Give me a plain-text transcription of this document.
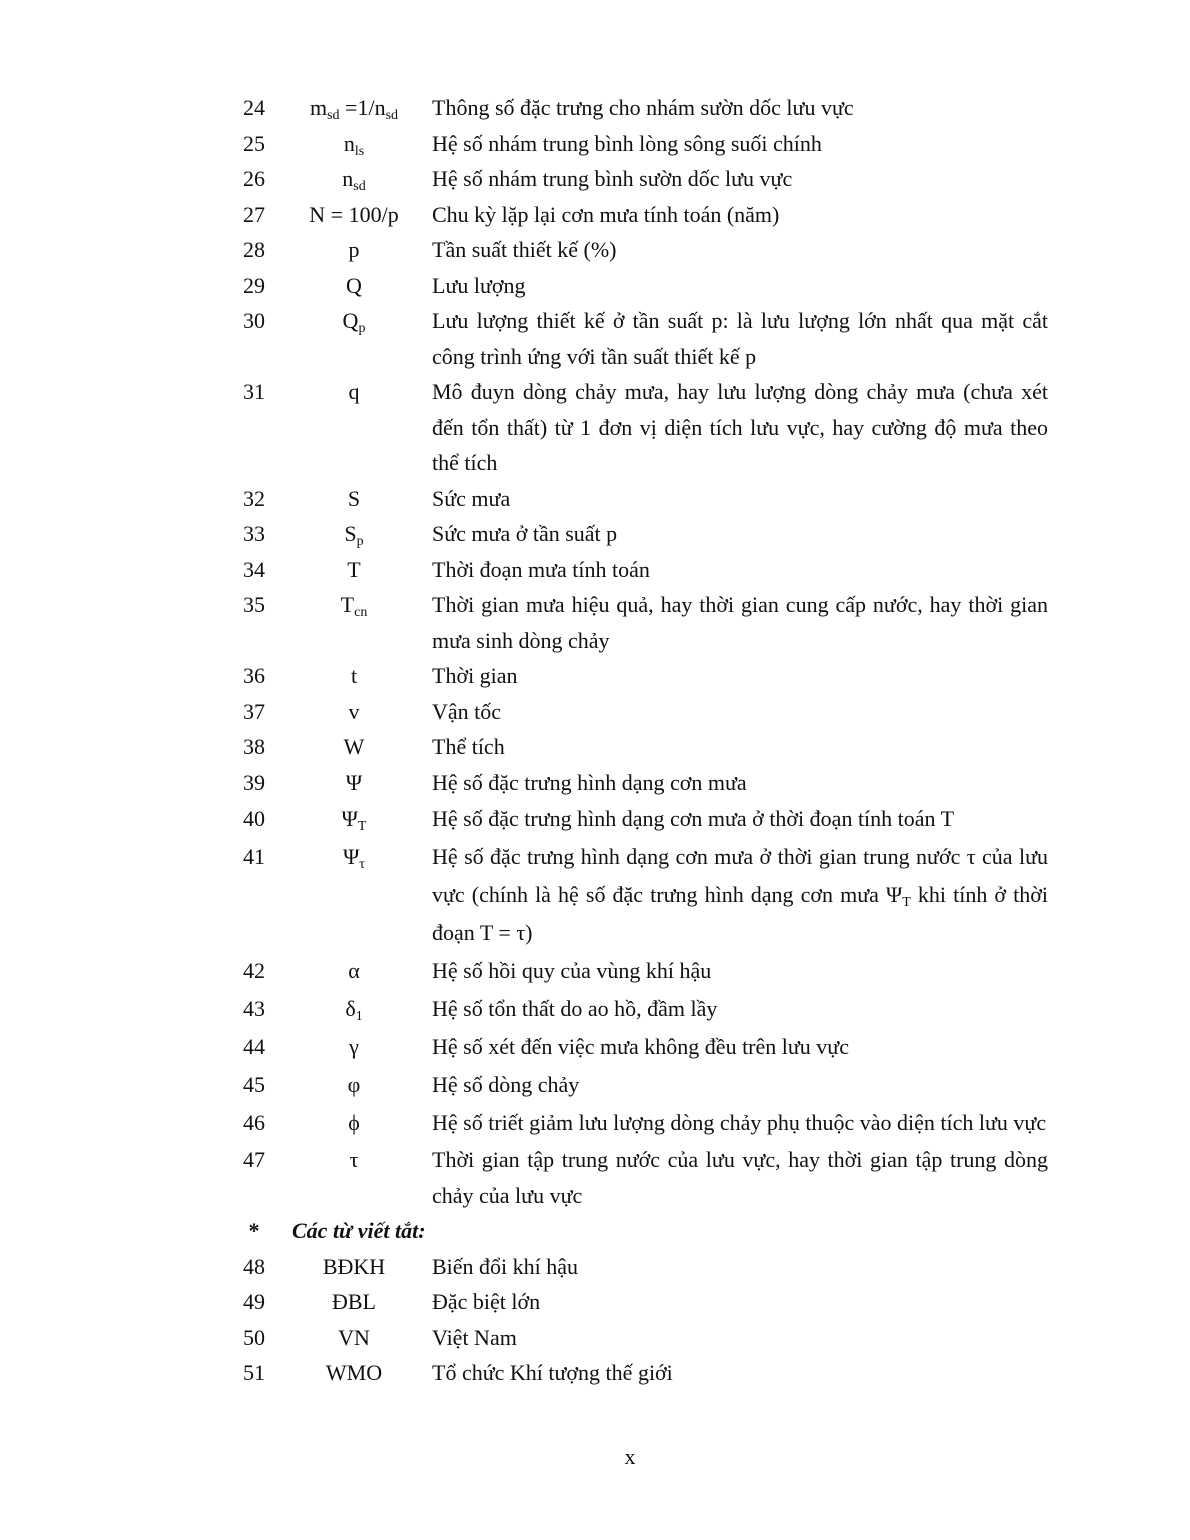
24	$m_{sd} =1/n_{sd}$	Thông số đặc trưng cho nhám sườn dốc lưu vực
25	$n_{ls}$	Hệ số nhám trung bình lòng sông suối chính
26	$n_{sd}$	Hệ số nhám trung bình sườn dốc lưu vực
27	N = 100/p	Chu kỳ lặp lại cơn mưa tính toán (năm)
28	p	Tần suất thiết kế (%)
29	Q	Lưu lượng
30	$Q_p$	Lưu lượng thiết kế ở tần suất p: là lưu lượng lớn nhất qua mặt cắt công trình ứng với tần suất thiết kế p
31	q	Mô đuyn dòng chảy mưa, hay lưu lượng dòng chảy mưa (chưa xét đến tổn thất) từ 1 đơn vị diện tích lưu vực, hay cường độ mưa theo thể tích
32	S	Sức mưa
33	$S_p$	Sức mưa ở tần suất p
34	T	Thời đoạn mưa tính toán
35	$T_{cn}$	Thời gian mưa hiệu quả, hay thời gian cung cấp nước, hay thời gian mưa sinh dòng chảy
36	t	Thời gian
37	v	Vận tốc
38	W	Thể tích
39	Ψ	Hệ số đặc trưng hình dạng cơn mưa
40	$\Psi_T$	Hệ số đặc trưng hình dạng cơn mưa ở thời đoạn tính toán T
41	$\Psi_\tau$	Hệ số đặc trưng hình dạng cơn mưa ở thời gian trung nước τ của lưu vực (chính là hệ số đặc trưng hình dạng cơn mưa $\Psi_T$ khi tính ở thời đoạn T = τ)
42	α	Hệ số hồi quy của vùng khí hậu
43	$\delta_1$	Hệ số tổn thất do ao hồ, đầm lầy
44	γ	Hệ số xét đến việc mưa không đều trên lưu vực
45	φ	Hệ số dòng chảy
46	ϕ	Hệ số triết giảm lưu lượng dòng chảy phụ thuộc vào diện tích lưu vực
47	τ	Thời gian tập trung nước của lưu vực, hay thời gian tập trung dòng chảy của lưu vực
*	Các từ viết tắt:
48	BĐKH	Biến đổi khí hậu
49	ĐBL	Đặc biệt lớn
50	VN	Việt Nam
51	WMO	Tổ chức Khí tượng thế giới
x
